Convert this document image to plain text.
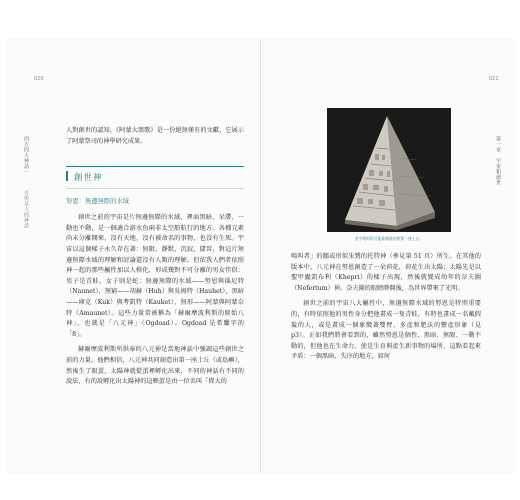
020
西方四大神話｜
古埃及人的神話

人對創世的認知。《阿蒙大頌歌》是一份絕無僅有的文獻，它展示了阿蒙祭司的神學研究成果。

創世神
努恩：無邊無際的水域

創世之前的宇宙是片無邊無際的水域，裡面黑暗、呆滯、一動也不動，是一個適合游水魚兩非太空船航行的地方。各種元素尚未分離開來，沒有天地，沒有被命名的事物，也沒有生死。宇宙以這個樣子永久存在著：無限、靜默、沉寂，儲晉，對這片無邊無際水域的理解和討論還沒有人類的理解。但依我人們者依照神一起的那些屬性加以人格化，形成幾對不可分離的男女伴侶：男子是青蛙，女子則是蛇：無邊無際的水域——努恩與瑙尼特（Naunet），無窮——胡赫（Huh）與吳姆特（Hauhet），黑暗——庫克（Kuk）與考凱特（Kauket），無形——阿蒙與阿蒙奈特（Amaunet）。這些力量常被稱為「赫爾摩波利斯的原始八神」，也就是「八元神」（Ogdoad）。Ogdoad 是希臘字的「8」。

赫爾摩波利斯所供奉的八元神是當地神話中強調這些創世之前的力量，他們相信，八元神共同創造出第一座土丘（或島嶼），然後生了眼蛋，太陽神就從蛋裡孵化出來，不同的神話有不同的說法，有的說孵化出太陽神的這顆蛋是由一位名叫「偉大的

021
第一章　宇宙和創世
金字塔形狀可能象徵最初的第一座土丘。

鳴叫者」的鵝或形似朱鷺的托特神（參見第 51 頁）所生。在其他的版本中，八元神在努恩創造了一朵荷花，荷花生出太陽；太陽先是以聖甲蟲凱布利（Khepri）的樣子出現，然後就變成幼年的奈夫圖（Nefertum）神。奈夫圖的眼睛睜開後，為世界帶來了光明。

創世之前的宇宙八大屬性中，無邊無際水域的努恩是特別重要的，有時依照他的男性身分把他畫成一隻青蛙，有時也畫成一名戴假髮的人，或是畫成一個象徵著雙臂、多產和肥沃的豐產形象（見p3）。正如我們將會看到的，雖然努恩是個性、黑暗、無限、一動不動的，但他也在生命力、使是生育與產生新事物的場所，這點看起來矛盾：一個黑暗、失序的地方，如何
